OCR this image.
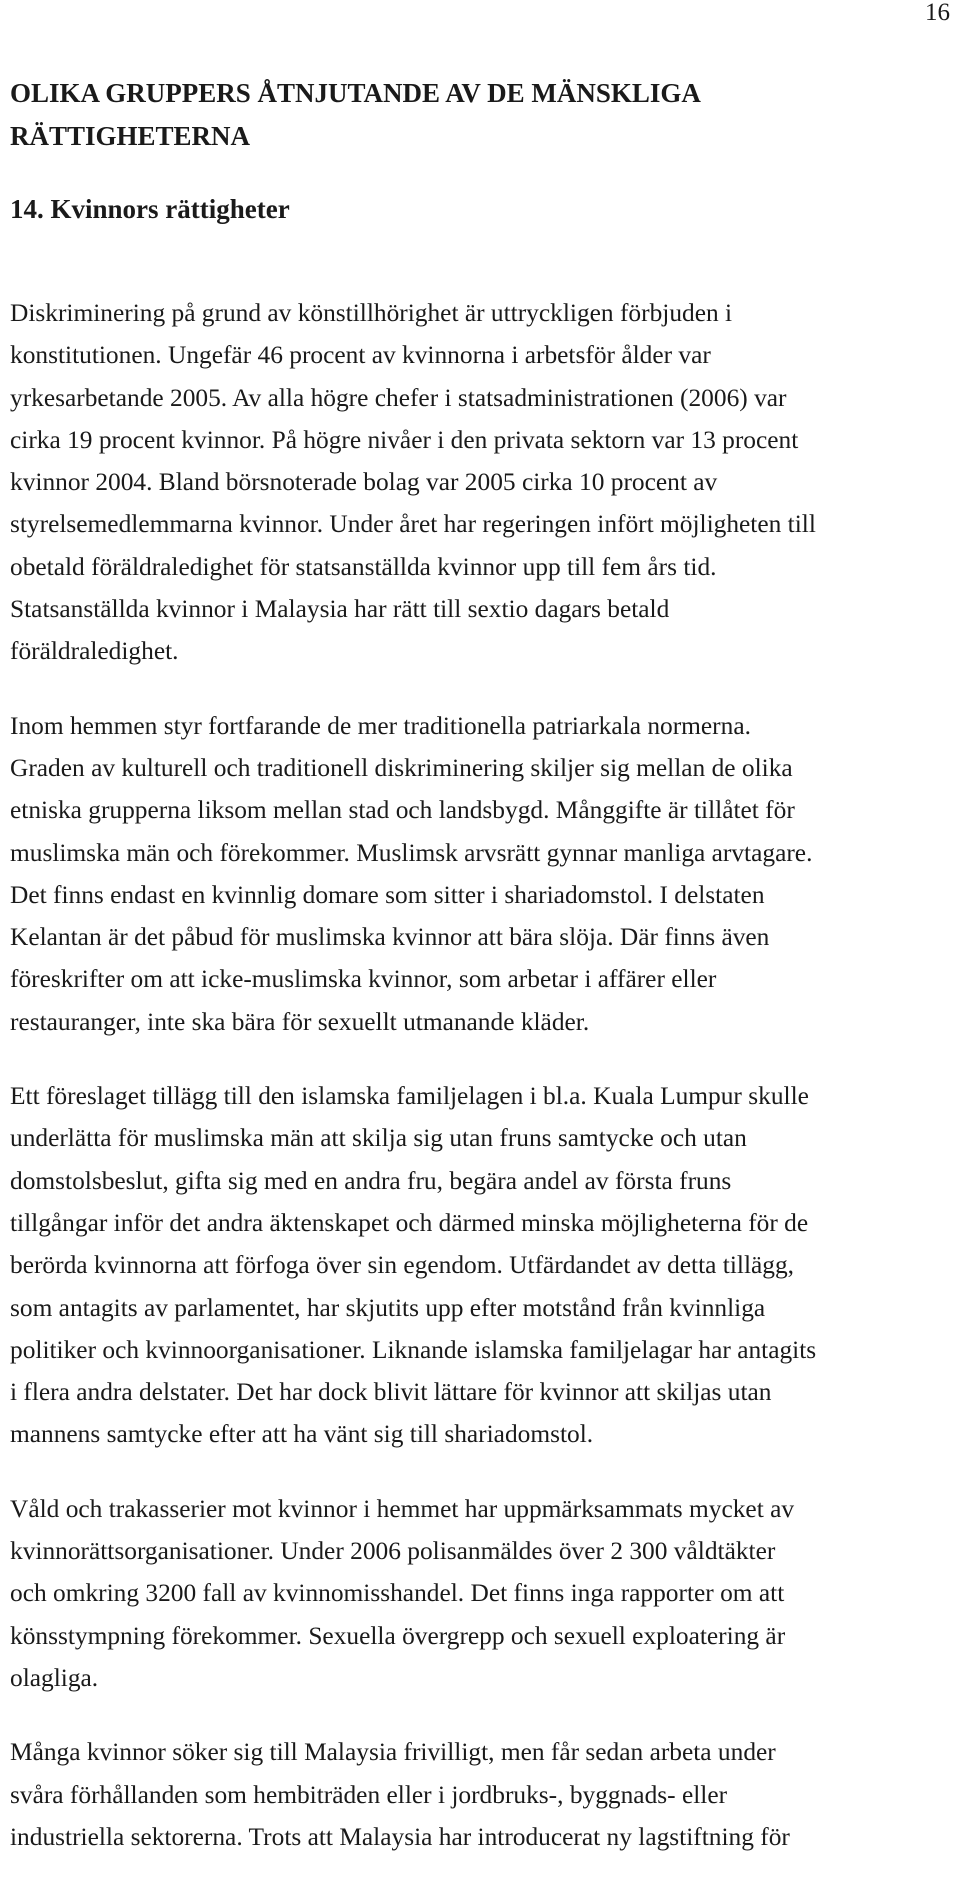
16
OLIKA GRUPPERS ÅTNJUTANDE AV DE MÄNSKLIGA
RÄTTIGHETERNA
14. Kvinnors rättigheter

Diskriminering på grund av könstillhörighet är uttryckligen förbjuden i
konstitutionen. Ungefär 46 procent av kvinnorna i arbetsför ålder var
yrkesarbetande 2005. Av alla högre chefer i statsadministrationen (2006) var
cirka 19 procent kvinnor. På högre nivåer i den privata sektorn var 13 procent
kvinnor 2004. Bland börsnoterade bolag var 2005 cirka 10 procent av
styrelsemedlemmarna kvinnor. Under året har regeringen infört möjligheten till
obetald föräldraledighet för statsanställda kvinnor upp till fem års tid.
Statsanställda kvinnor i Malaysia har rätt till sextio dagars betald
föräldraledighet.

Inom hemmen styr fortfarande de mer traditionella patriarkala normerna.
Graden av kulturell och traditionell diskriminering skiljer sig mellan de olika
etniska grupperna liksom mellan stad och landsbygd. Månggifte är tillåtet för
muslimska män och förekommer. Muslimsk arvsrätt gynnar manliga arvtagare.
Det finns endast en kvinnlig domare som sitter i shariadomstol. I delstaten
Kelantan är det påbud för muslimska kvinnor att bära slöja. Där finns även
föreskrifter om att icke-muslimska kvinnor, som arbetar i affärer eller
restauranger, inte ska bära för sexuellt utmanande kläder.

Ett föreslaget tillägg till den islamska familjelagen i bl.a. Kuala Lumpur skulle
underlätta för muslimska män att skilja sig utan fruns samtycke och utan
domstolsbeslut, gifta sig med en andra fru, begära andel av första fruns
tillgångar inför det andra äktenskapet och därmed minska möjligheterna för de
berörda kvinnorna att förfoga över sin egendom. Utfärdandet av detta tillägg,
som antagits av parlamentet, har skjutits upp efter motstånd från kvinnliga
politiker och kvinnoorganisationer. Liknande islamska familjelagar har antagits
i flera andra delstater. Det har dock blivit lättare för kvinnor att skiljas utan
mannens samtycke efter att ha vänt sig till shariadomstol.

Våld och trakasserier mot kvinnor i hemmet har uppmärksammats mycket av
kvinnorättsorganisationer. Under 2006 polisanmäldes över 2 300 våldtäkter
och omkring 3200 fall av kvinnomisshandel. Det finns inga rapporter om att
könsstympning förekommer. Sexuella övergrepp och sexuell exploatering är
olagliga.

Många kvinnor söker sig till Malaysia frivilligt, men får sedan arbeta under
svåra förhållanden som hembiträden eller i jordbruks-, byggnads- eller
industriella sektorerna. Trots att Malaysia har introducerat ny lagstiftning för
